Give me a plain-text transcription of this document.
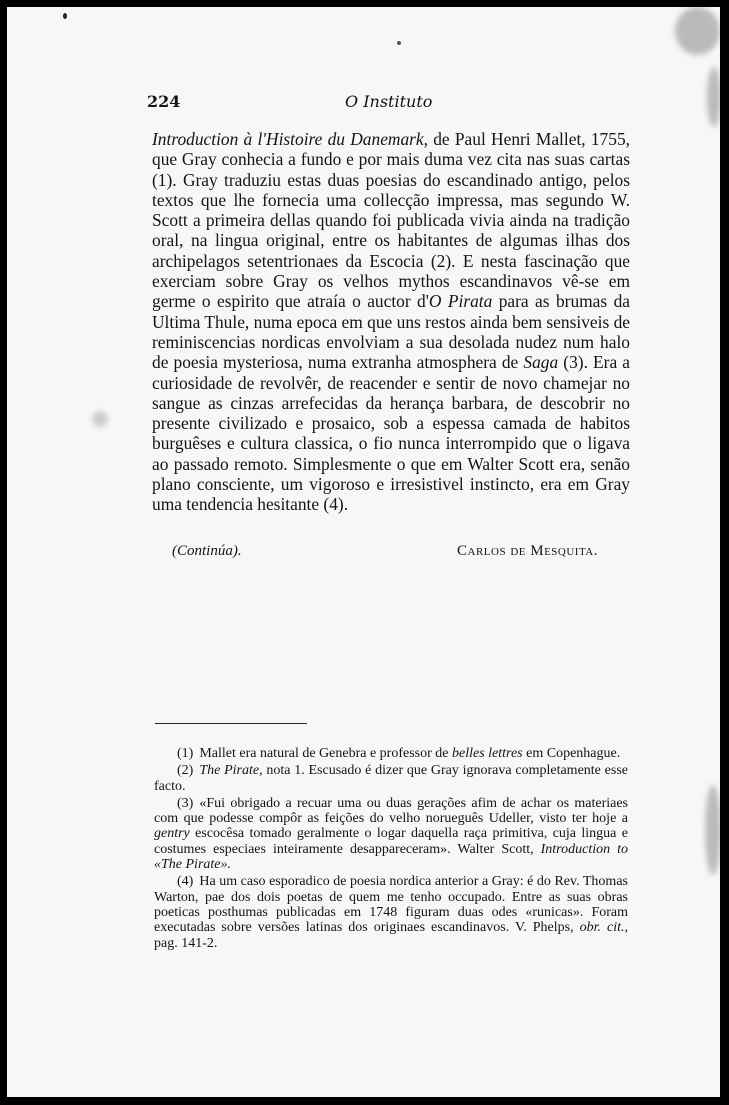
224	O Instituto

Introduction à l'Histoire du Danemark, de Paul Henri Mallet, 1755, que Gray conhecia a fundo e por mais duma vez cita nas suas cartas (1). Gray traduziu estas duas poesias do escandinado antigo, pelos textos que lhe fornecia uma collecção impressa, mas segundo W. Scott a primeira dellas quando foi publicada vivia ainda na tradição oral, na lingua original, entre os habitantes de algumas ilhas dos archipelagos setentrionaes da Escocia (2). E nesta fascinação que exerciam sobre Gray os velhos mythos escandinavos vê-se em germe o espirito que atraía o auctor d'O Pirata para as brumas da Ultima Thule, numa epoca em que uns restos ainda bem sensiveis de reminiscencias nordicas envolviam a sua desolada nudez num halo de poesia mysteriosa, numa extranha atmosphera de Saga (3). Era a curiosidade de revolvêr, de reacender e sentir de novo chamejar no sangue as cinzas arrefecidas da herança barbara, de descobrir no presente civilizado e prosaico, sob a espessa camada de habitos burguêses e cultura classica, o fio nunca interrompido que o ligava ao passado remoto. Simplesmente o que em Walter Scott era, senão plano consciente, um vigoroso e irresistivel instincto, era em Gray uma tendencia hesitante (4).

(Continúa).	Carlos de Mesquita.

(1) Mallet era natural de Genebra e professor de belles lettres em Copenhague.

(2) The Pirate, nota 1. Escusado é dizer que Gray ignorava completamente esse facto.

(3) «Fui obrigado a recuar uma ou duas gerações afim de achar os materiaes com que podesse compôr as feições do velho norueguês Udeller, visto ter hoje a gentry escocêsa tomado geralmente o logar daquella raça primitiva, cuja lingua e costumes especiaes inteiramente desappareceram». Walter Scott, Introduction to «The Pirate».

(4) Ha um caso esporadico de poesia nordica anterior a Gray: é do Rev. Thomas Warton, pae dos dois poetas de quem me tenho occupado. Entre as suas obras poeticas posthumas publicadas em 1748 figuram duas odes «runicas». Foram executadas sobre versões latinas dos originaes escandinavos. V. Phelps, obr. cit., pag. 141-2.
